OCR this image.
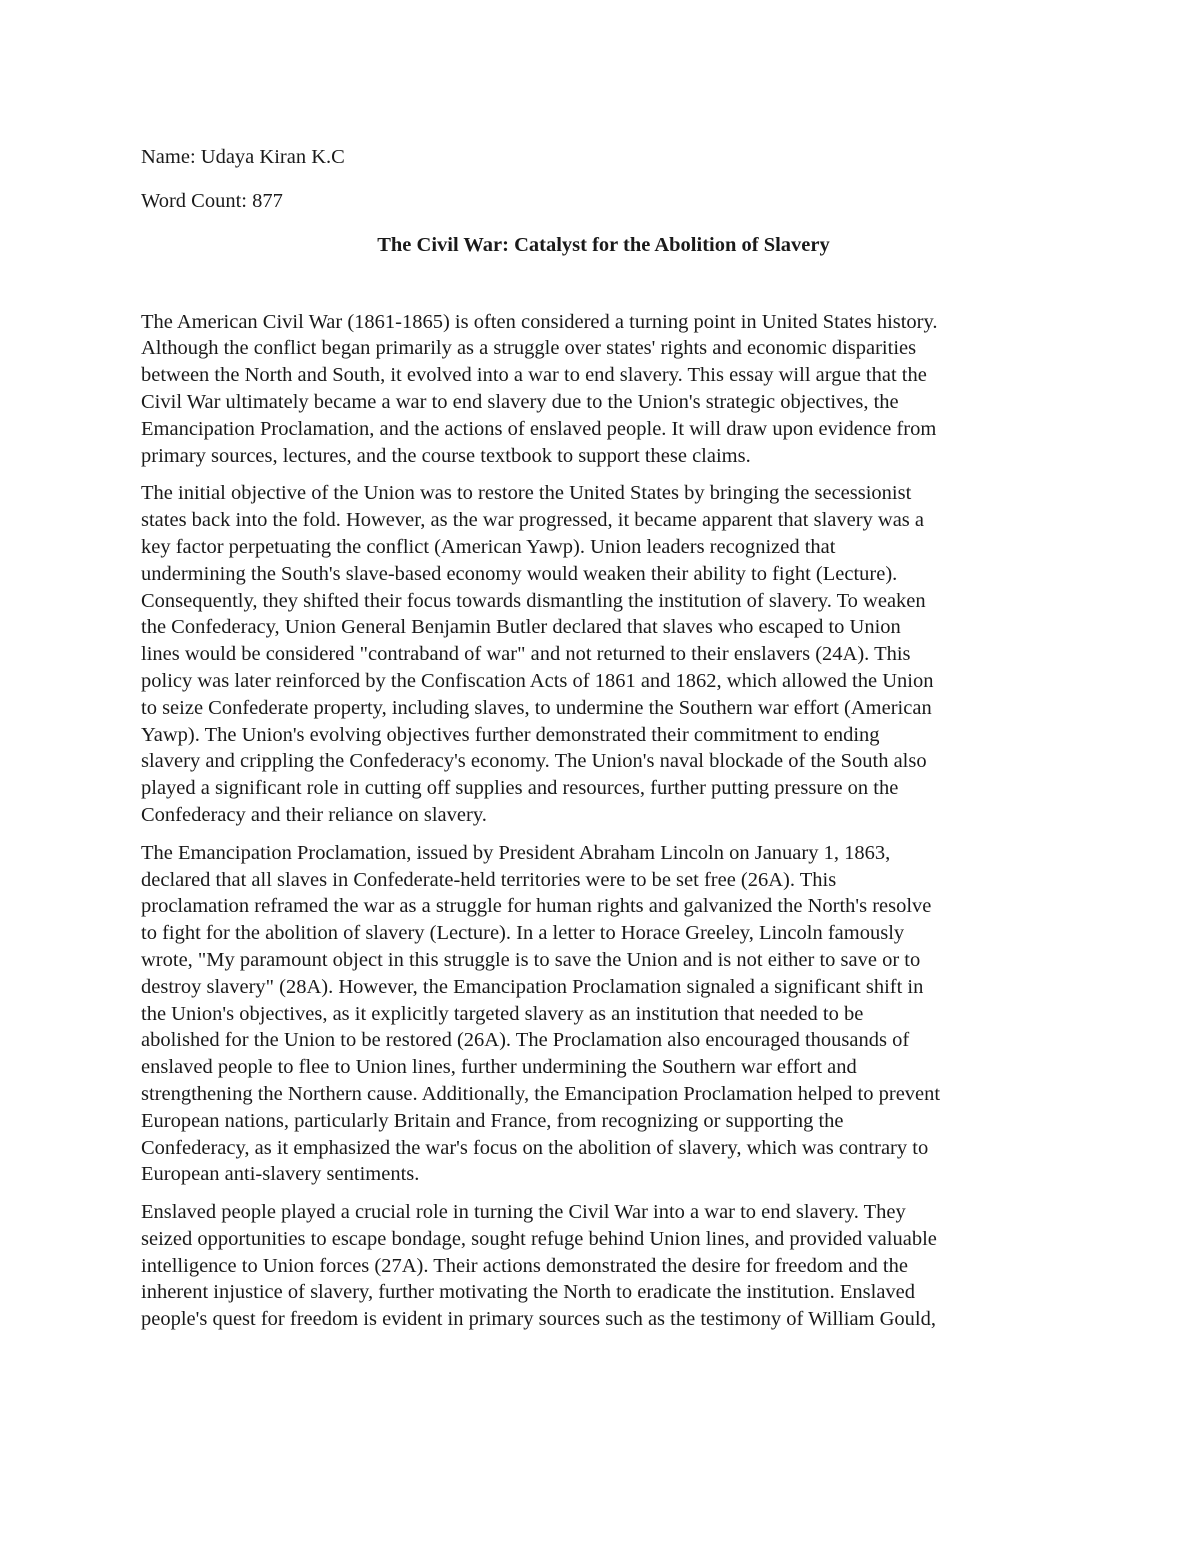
Name: Udaya Kiran K.C

Word Count: 877

The Civil War: Catalyst for the Abolition of Slavery

The American Civil War (1861-1865) is often considered a turning point in United States history.
Although the conflict began primarily as a struggle over states' rights and economic disparities
between the North and South, it evolved into a war to end slavery. This essay will argue that the
Civil War ultimately became a war to end slavery due to the Union's strategic objectives, the
Emancipation Proclamation, and the actions of enslaved people. It will draw upon evidence from
primary sources, lectures, and the course textbook to support these claims.

The initial objective of the Union was to restore the United States by bringing the secessionist
states back into the fold. However, as the war progressed, it became apparent that slavery was a
key factor perpetuating the conflict (American Yawp). Union leaders recognized that
undermining the South's slave-based economy would weaken their ability to fight (Lecture).
Consequently, they shifted their focus towards dismantling the institution of slavery. To weaken
the Confederacy, Union General Benjamin Butler declared that slaves who escaped to Union
lines would be considered "contraband of war" and not returned to their enslavers (24A). This
policy was later reinforced by the Confiscation Acts of 1861 and 1862, which allowed the Union
to seize Confederate property, including slaves, to undermine the Southern war effort (American
Yawp). The Union's evolving objectives further demonstrated their commitment to ending
slavery and crippling the Confederacy's economy. The Union's naval blockade of the South also
played a significant role in cutting off supplies and resources, further putting pressure on the
Confederacy and their reliance on slavery.

The Emancipation Proclamation, issued by President Abraham Lincoln on January 1, 1863,
declared that all slaves in Confederate-held territories were to be set free (26A). This
proclamation reframed the war as a struggle for human rights and galvanized the North's resolve
to fight for the abolition of slavery (Lecture). In a letter to Horace Greeley, Lincoln famously
wrote, "My paramount object in this struggle is to save the Union and is not either to save or to
destroy slavery" (28A). However, the Emancipation Proclamation signaled a significant shift in
the Union's objectives, as it explicitly targeted slavery as an institution that needed to be
abolished for the Union to be restored (26A). The Proclamation also encouraged thousands of
enslaved people to flee to Union lines, further undermining the Southern war effort and
strengthening the Northern cause. Additionally, the Emancipation Proclamation helped to prevent
European nations, particularly Britain and France, from recognizing or supporting the
Confederacy, as it emphasized the war's focus on the abolition of slavery, which was contrary to
European anti-slavery sentiments.

Enslaved people played a crucial role in turning the Civil War into a war to end slavery. They
seized opportunities to escape bondage, sought refuge behind Union lines, and provided valuable
intelligence to Union forces (27A). Their actions demonstrated the desire for freedom and the
inherent injustice of slavery, further motivating the North to eradicate the institution. Enslaved
people's quest for freedom is evident in primary sources such as the testimony of William Gould,
